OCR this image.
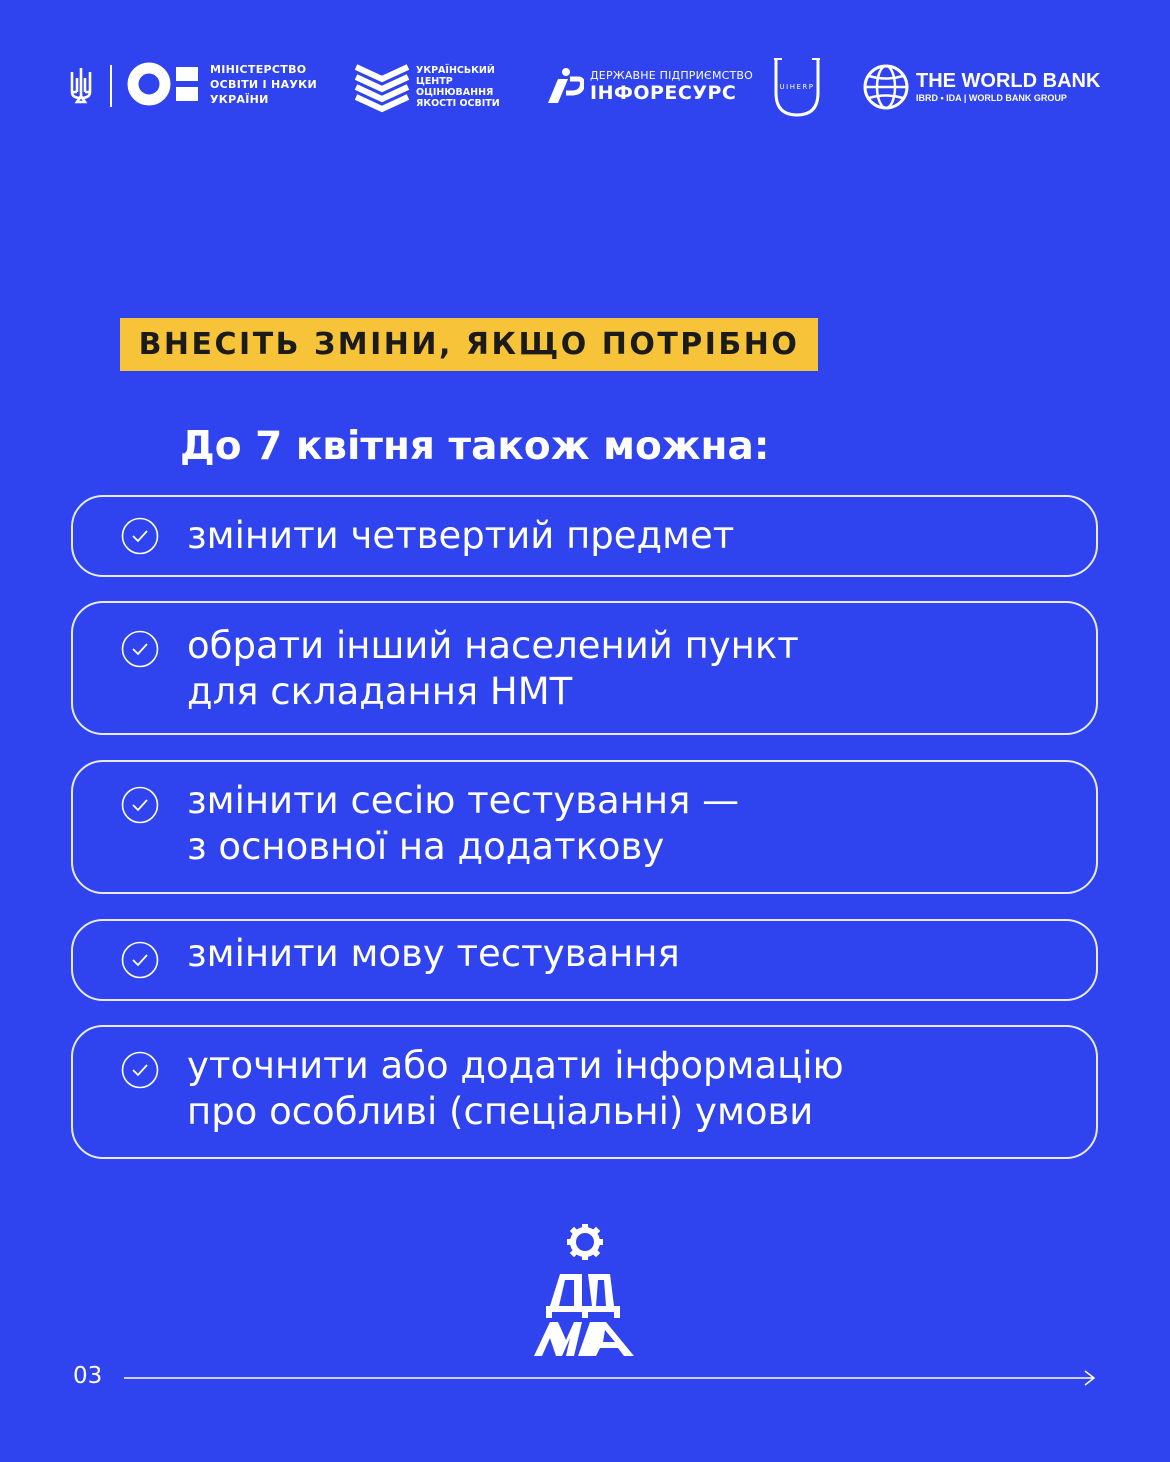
МІНІСТЕРСТВО
ОСВІТИ І НАУКИ
УКРАЇНИ
УКРАЇНСЬКИЙ
ЦЕНТР
ОЦІНЮВАННЯ
ЯКОСТІ ОСВІТИ
ДЕРЖАВНЕ ПІДПРИЄМСТВО
ІНФОРЕСУРС	UIHERP	THE WORLD BANK
IBRD • IDA | WORLD BANK GROUP
ВНЕСІТЬ ЗМІНИ, ЯКЩО ПОТРІБНО
До 7 квітня також можна:
змінити четвертий предмет
обрати інший населений пункт
для складання НМТ
змінити сесію тестування —
з основної на додаткову
змінити мову тестування
уточнити або додати інформацію
про особливі (спеціальні) умови
03
